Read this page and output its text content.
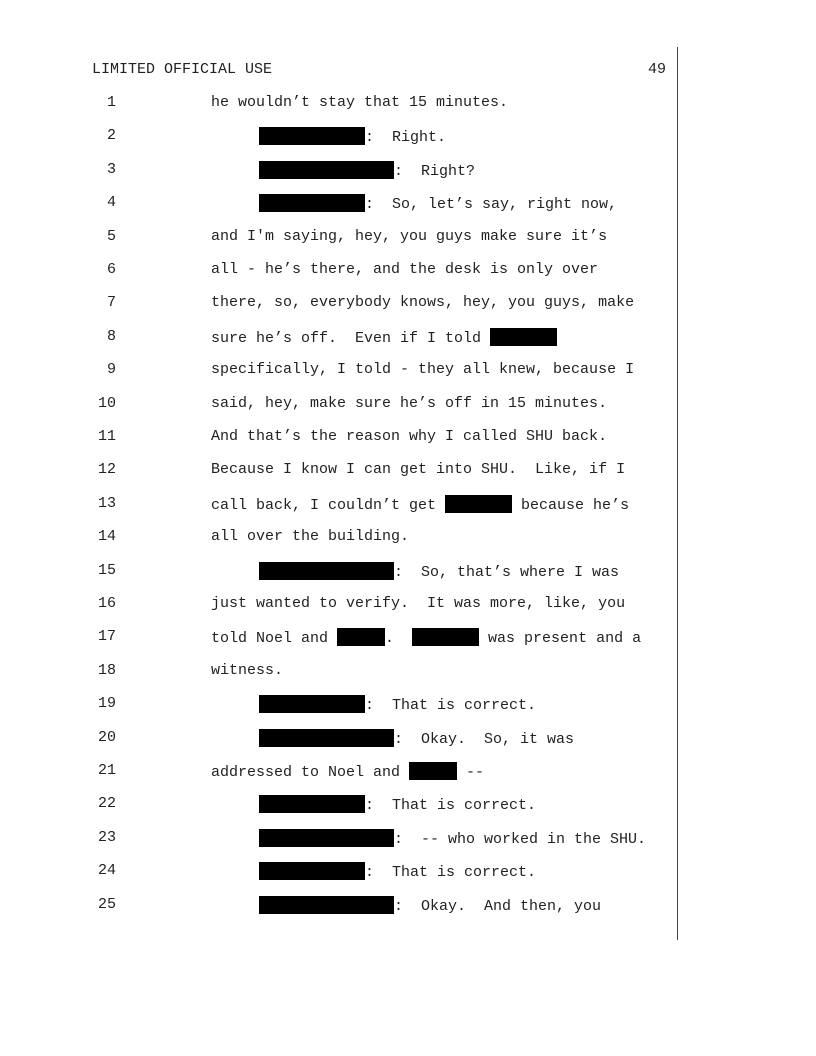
LIMITED OFFICIAL USE	49
1	he wouldn’t stay that 15 minutes.
2	:  Right.
3	:  Right?
4	:  So, let’s say, right now,
5	and I'm saying, hey, you guys make sure it’s
6	all - he’s there, and the desk is only over
7	there, so, everybody knows, hey, you guys, make
8	sure he’s off.  Even if I told
9	specifically, I told - they all knew, because I
10	said, hey, make sure he’s off in 15 minutes.
11	And that’s the reason why I called SHU back.
12	Because I know I can get into SHU.  Like, if I
13	call back, I couldn’t get	because he’s
14	all over the building.
15	:  So, that’s where I was
16	just wanted to verify.  It was more, like, you
17	told Noel and	.	was present and a
18	witness.
19	:  That is correct.
20	:  Okay.  So, it was
21	addressed to Noel and	--
22	:  That is correct.
23	:  -- who worked in the SHU.
24	:  That is correct.
25	:  Okay.  And then, you
